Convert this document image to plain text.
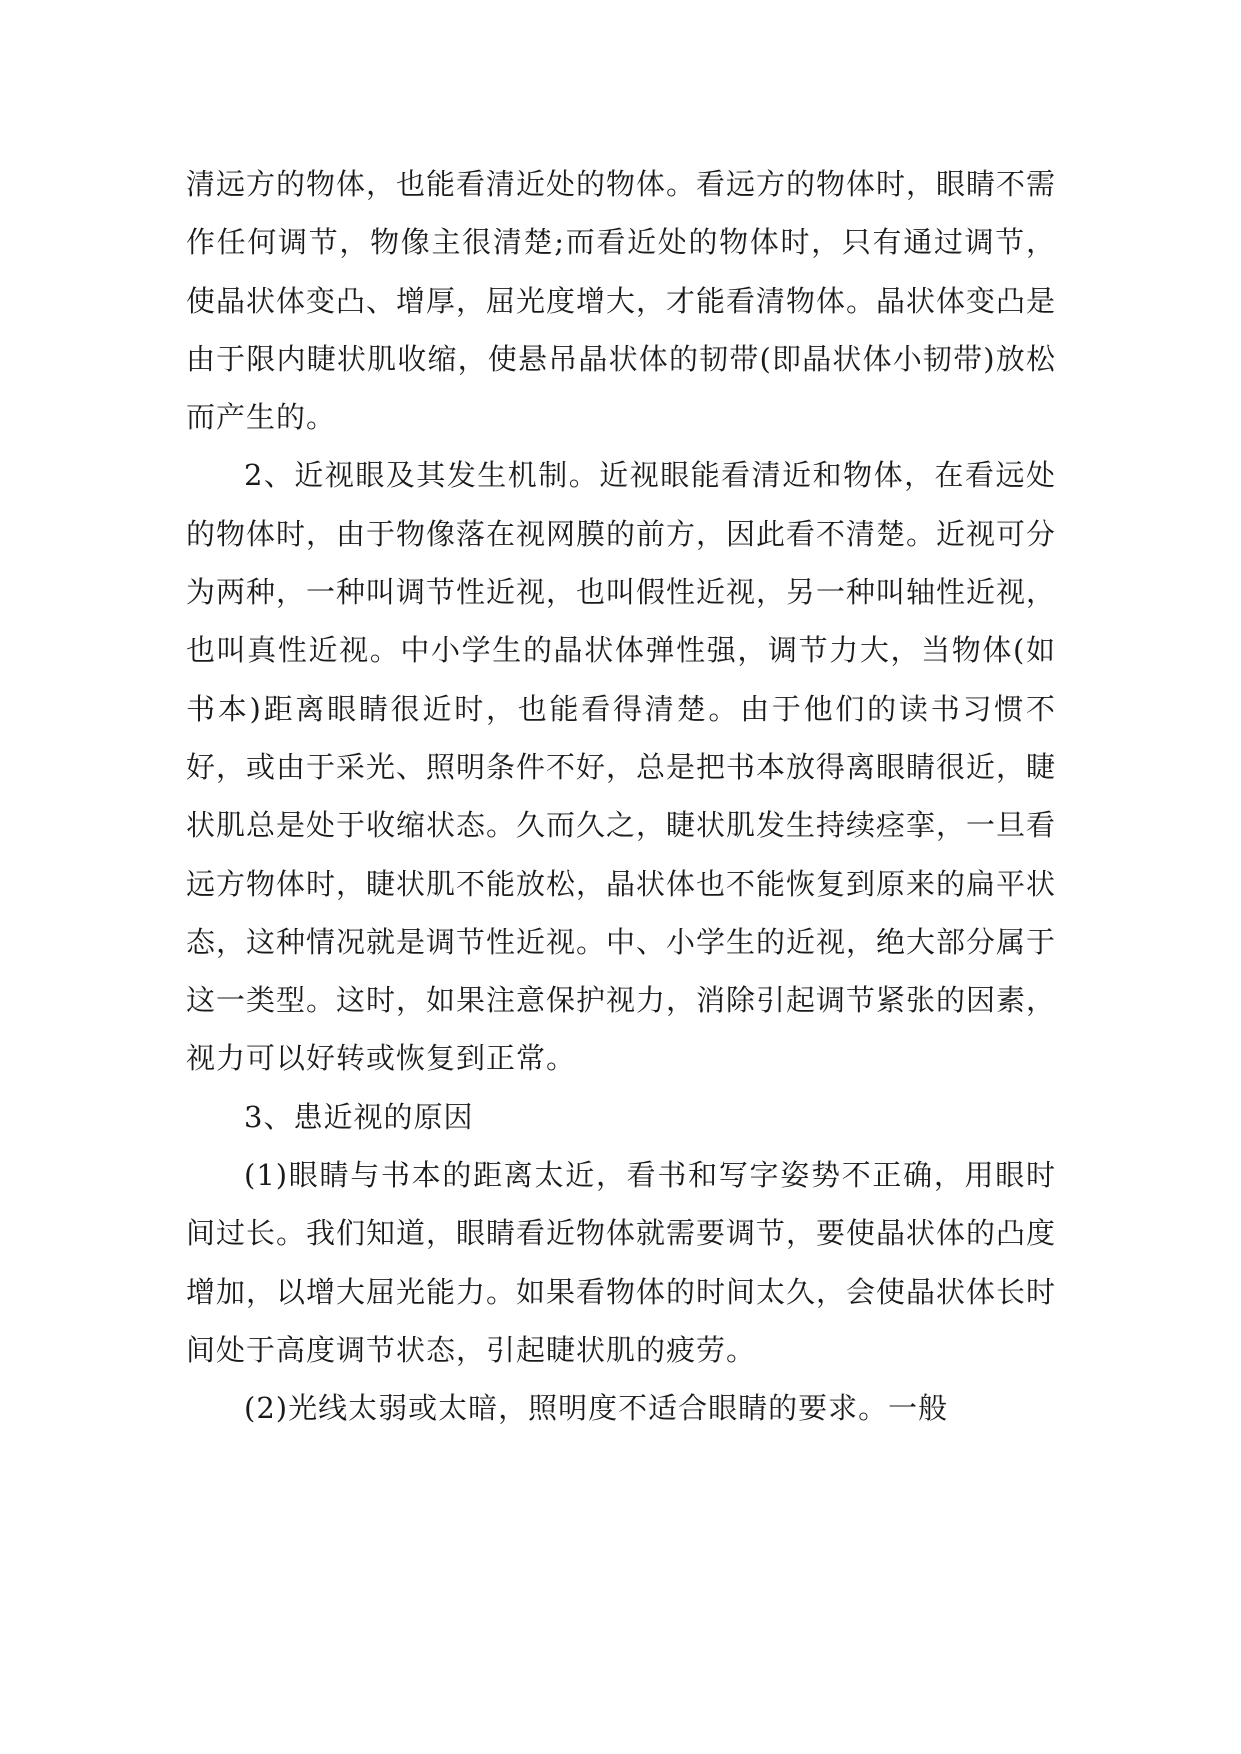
清远方的物体，也能看清近处的物体。看远方的物体时，眼睛不需作任何调节，物像主很清楚;而看近处的物体时，只有通过调节，使晶状体变凸、增厚，屈光度增大，才能看清物体。晶状体变凸是由于限内睫状肌收缩，使悬吊晶状体的韧带(即晶状体小韧带)放松而产生的。

2、近视眼及其发生机制。近视眼能看清近和物体，在看远处的物体时，由于物像落在视网膜的前方，因此看不清楚。近视可分为两种，一种叫调节性近视，也叫假性近视，另一种叫轴性近视，也叫真性近视。中小学生的晶状体弹性强，调节力大，当物体(如书本)距离眼睛很近时，也能看得清楚。由于他们的读书习惯不好，或由于采光、照明条件不好，总是把书本放得离眼睛很近，睫状肌总是处于收缩状态。久而久之，睫状肌发生持续痉挛，一旦看远方物体时，睫状肌不能放松，晶状体也不能恢复到原来的扁平状态，这种情况就是调节性近视。中、小学生的近视，绝大部分属于这一类型。这时，如果注意保护视力，消除引起调节紧张的因素，视力可以好转或恢复到正常。

3、患近视的原因

(1)眼睛与书本的距离太近，看书和写字姿势不正确，用眼时间过长。我们知道，眼睛看近物体就需要调节，要使晶状体的凸度增加，以增大屈光能力。如果看物体的时间太久，会使晶状体长时间处于高度调节状态，引起睫状肌的疲劳。

(2)光线太弱或太暗，照明度不适合眼睛的要求。一般
